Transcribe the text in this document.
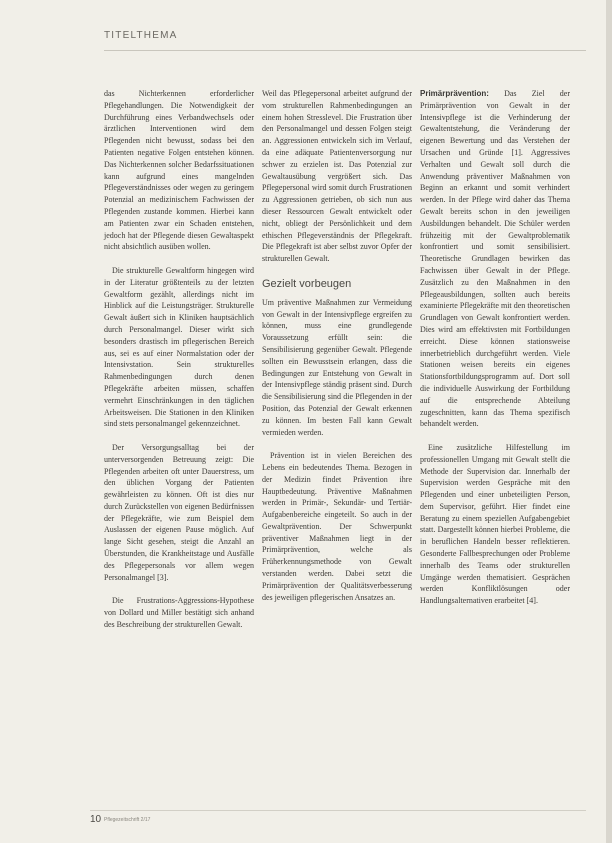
TITELTHEMA

das Nichterkennen erforderlicher Pflegehandlungen. Die Notwendigkeit der Durchführung eines Verbandwechsels oder ärztlichen Interventionen wird dem Pflegenden nicht bewusst, sodass bei den Patienten negative Folgen entstehen können. Das Nichterkennen solcher Bedarfssituationen kann aufgrund eines mangelnden Pflegeverständnisses oder wegen zu geringem Potenzial an medizinischem Fachwissen der Pflegenden zustande kommen. Hierbei kann am Patienten zwar ein Schaden entstehen, jedoch hat der Pflegende diesen Gewaltaspekt nicht absichtlich ausüben wollen.

Die strukturelle Gewaltform hingegen wird in der Literatur größtenteils zu der letzten Gewaltform gezählt, allerdings nicht im Hinblick auf die Leistungsträger. Strukturelle Gewalt äußert sich in Kliniken hauptsächlich durch Personalmangel. Dieser wirkt sich besonders drastisch im pflegerischen Bereich aus, sei es auf einer Normalstation oder der Intensivstation. Sein strukturelles Rahmenbedingungen durch denen Pflegekräfte arbeiten müssen, schaffen vermehrt Einschränkungen in den täglichen Arbeitsweisen. Die Stationen in den Kliniken sind stets personalmangel gekennzeichnet.

Der Versorgungsalltag bei der unterversorgenden Betreuung zeigt: Die Pflegenden arbeiten oft unter Dauerstress, um den üblichen Vorgang der Patienten gewährleisten zu können. Oft ist dies nur durch Zurückstellen von eigenen Bedürfnissen der Pflegekräfte, wie zum Beispiel dem Auslassen der eigenen Pause möglich. Auf lange Sicht gesehen, steigt die Anzahl an Überstunden, die Krankheitstage und Ausfälle des Pflegepersonals vor allem wegen Personalmangel [3].

Die Frustrations-Aggressions-Hypothese von Dollard und Miller bestätigt sich anhand des Beschreibung der strukturellen Gewalt.

Weil das Pflegepersonal arbeitet aufgrund der vom strukturellen Rahmenbedingungen an einem hohen Stresslevel. Die Frustration über den Personalmangel und dessen Folgen steigt an. Aggressionen entwickeln sich im Verlauf, da eine adäquate Patientenversorgung nur schwer zu erzielen ist. Das Potenzial zur Gewaltausübung vergrößert sich. Das Pflegepersonal wird somit durch Frustrationen zu Aggressionen getrieben, ob sich nun aus dieser Ressourcen Gewalt entwickelt oder nicht, obliegt der Persönlichkeit und dem ethischen Pflegeverständnis der Pflegekraft. Die Pflegekraft ist aber selbst zuvor Opfer der strukturellen Gewalt.

Gezielt vorbeugen

Um präventive Maßnahmen zur Vermeidung von Gewalt in der Intensivpflege ergreifen zu können, muss eine grundlegende Voraussetzung erfüllt sein: die Sensibilisierung gegenüber Gewalt. Pflegende sollten ein Bewusstsein erlangen, dass die Bedingungen zur Entstehung von Gewalt in der Intensivpflege ständig präsent sind. Durch die Sensibilisierung sind die Pflegenden in der Position, das Potenzial der Gewalt erkennen zu können. Im besten Fall kann Gewalt vermieden werden.

Prävention ist in vielen Bereichen des Lebens ein bedeutendes Thema. Bezogen in der Medizin findet Prävention ihre Hauptbedeutung. Präventive Maßnahmen werden in Primär-, Sekundär- und Tertiär-Aufgabenbereiche eingeteilt. So auch in der Gewaltprävention. Der Schwerpunkt präventiver Maßnahmen liegt in der Primärprävention, welche als Früherkennungsmethode von Gewalt verstanden werden. Dabei setzt die Primärprävention der Qualitätsverbesserung des jeweiligen pflegerischen Ansatzes an.

Primärprävention: Das Ziel der Primärprävention von Gewalt in der Intensivpflege ist die Verhinderung der Gewaltentstehung, die Veränderung der eigenen Bewertung und das Verstehen der Ursachen und Gründe [1]. Aggressives Verhalten und Gewalt soll durch die Anwendung präventiver Maßnahmen von Beginn an erkannt und somit verhindert werden. In der Pflege wird daher das Thema Gewalt bereits schon in den jeweiligen Ausbildungen behandelt. Die Schüler werden frühzeitig mit der Gewaltproblematik konfrontiert und somit sensibilisiert. Theoretische Grundlagen bewirken das Fachwissen über Gewalt in der Pflege. Zusätzlich zu den Maßnahmen in den Pflegeausbildungen, sollten auch bereits examinierte Pflegekräfte mit den theoretischen Grundlagen von Gewalt konfrontiert werden. Dies wird am effektivsten mit Fortbildungen erreicht. Diese können stationsweise innerbetrieblich durchgeführt werden. Viele Stationen weisen bereits ein eigenes Stationsfortbildungsprogramm auf. Dort soll die individuelle Auswirkung der Fortbildung auf die entsprechende Abteilung zugeschnitten, kann das Thema spezifisch behandelt werden.

Eine zusätzliche Hilfestellung im professionellen Umgang mit Gewalt stellt die Methode der Supervision dar. Innerhalb der Supervision werden Gespräche mit den Pflegenden und einer unbeteiligten Person, dem Supervisor, geführt. Hier findet eine Beratung zu einem speziellen Aufgabengebiet statt. Dargestellt können hierbei Probleme, die in beruflichen Handeln besser reflektieren. Gesonderte Fallbesprechungen oder Probleme innerhalb des Teams oder strukturellen Umgänge werden thematisiert. Gesprächen werden Konfliktlösungen oder Handlungsalternativen erarbeitet [4].

10 Pflegezeitschrift 2/17
